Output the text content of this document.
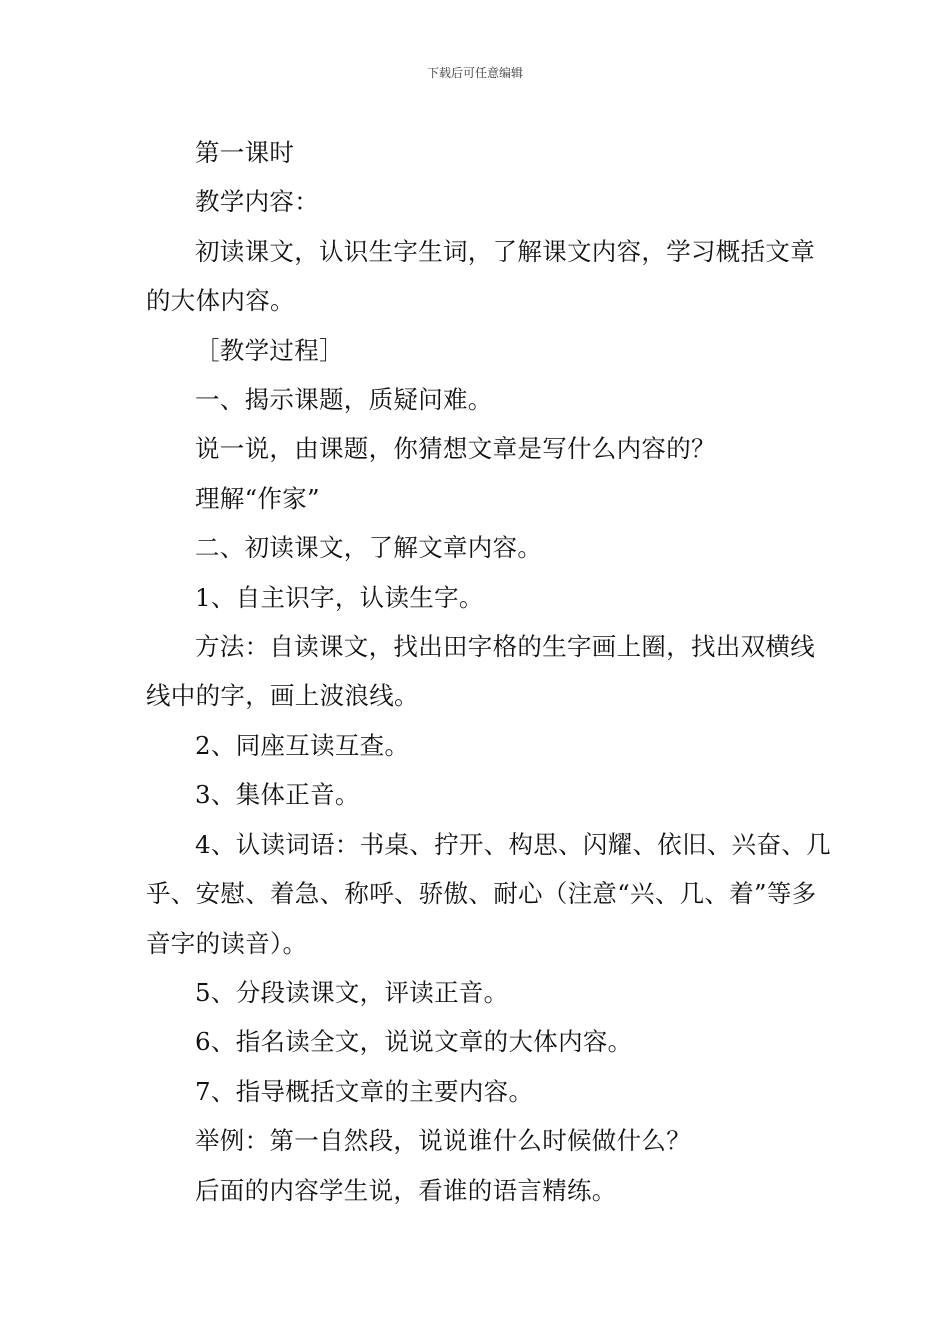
下载后可任意编辑

第一课时

教学内容：

初读课文，认识生字生词，了解课文内容，学习概括文章的大体内容。

［教学过程］

一、揭示课题，质疑问难。

说一说，由课题，你猜想文章是写什么内容的？

理解“作家”

二、初读课文，了解文章内容。

1、自主识字，认读生字。

方法：自读课文，找出田字格的生字画上圈，找出双横线线中的字，画上波浪线。

2、同座互读互查。

3、集体正音。

4、认读词语：书桌、拧开、构思、闪耀、依旧、兴奋、几乎、安慰、着急、称呼、骄傲、耐心（注意“兴、几、着”等多音字的读音）。

5、分段读课文，评读正音。

6、指名读全文，说说文章的大体内容。

7、指导概括文章的主要内容。

举例：第一自然段，说说谁什么时候做什么？

后面的内容学生说，看谁的语言精练。
